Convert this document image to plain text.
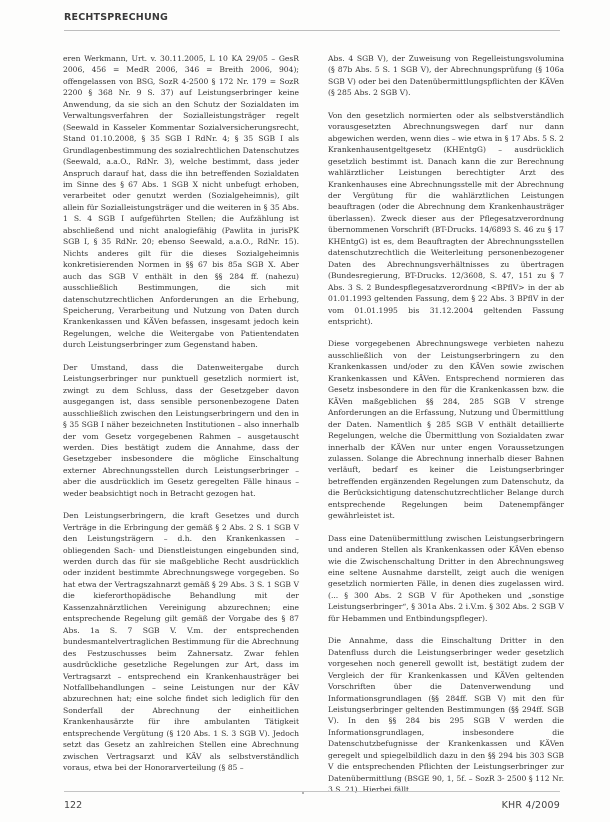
RECHTSPRECHUNG

eren Werkmann, Urt. v. 30.11.2005, L 10 KA 29/05 – GesR 2006, 456 = MedR 2006, 346 = Breith 2006, 904); offengelassen von BSG, SozR 4-2500 § 172 Nr. 179 = SozR 2200 § 368 Nr. 9 S. 37) auf Leistungserbringer keine Anwendung, da sie sich an den Schutz der Sozialdaten im Verwaltungsverfahren der Sozialleistungsträger regelt (Seewald in Kasseler Kommentar Sozialversicherungsrecht, Stand 01.10.2008, § 35 SGB I RdNr. 4; § 35 SGB I als Grundlagenbestimmung des sozialrechtlichen Datenschutzes (Seewald, a.a.O., RdNr. 3), welche bestimmt, dass jeder Anspruch darauf hat, dass die ihn betreffenden Sozialdaten im Sinne des § 67 Abs. 1 SGB X nicht unbefugt erhoben, verarbeitet oder genutzt werden (Sozialgeheimnis), gilt allein für Sozialleistungsträger und die weiteren in § 35 Abs. 1 S. 4 SGB I aufgeführten Stellen; die Aufzählung ist abschließend und nicht analogiefähig (Pawlita in jurisPK SGB I, § 35 RdNr. 20; ebenso Seewald, a.a.O., RdNr. 15). Nichts anderes gilt für die dieses Sozialgeheimnis konkretisierenden Normen in §§ 67 bis 85a SGB X. Aber auch das SGB V enthält in den §§ 284 ff. (nahezu) ausschließlich Bestimmungen, die sich mit datenschutzrechtlichen Anforderungen an die Erhebung, Speicherung, Verarbeitung und Nutzung von Daten durch Krankenkassen und KÄVen befassen, insgesamt jedoch kein Regelungen, welche die Weitergabe von Patientendaten durch Leistungserbringer zum Gegenstand haben.

Der Umstand, dass die Datenweitergabe durch Leistungserbringer nur punktuell gesetzlich normiert ist, zwingt zu dem Schluss, dass der Gesetzgeber davon ausgegangen ist, dass sensible personenbezogene Daten ausschließlich zwischen den Leistungserbringern und den in § 35 SGB I näher bezeichneten Institutionen – also innerhalb der vom Gesetz vorgegebenen Rahmen – ausgetauscht werden. Dies bestätigt zudem die Annahme, dass der Gesetzgeber insbesondere die mögliche Einschaltung externer Abrechnungsstellen durch Leistungserbringer – aber die ausdrücklich im Gesetz geregelten Fälle hinaus – weder beabsichtigt noch in Betracht gezogen hat.

Den Leistungserbringern, die kraft Gesetzes und durch Verträge in die Erbringung der gemäß § 2 Abs. 2 S. 1 SGB V den Leistungsträgern – d.h. den Krankenkassen – obliegenden Sach- und Dienstleistungen eingebunden sind, werden durch das für sie maßgebliche Recht ausdrücklich oder inzident bestimmte Abrechnungswege vorgegeben. So hat etwa der Vertragszahnarzt gemäß § 29 Abs. 3 S. 1 SGB V die kieferorthopädische Behandlung mit der Kassenzahnärztlichen Vereinigung abzurechnen; eine entsprechende Regelung gilt gemäß der Vorgabe des § 87 Abs. 1a S. 7 SGB V. V.m. der entsprechenden bundesmantelvertraglichen Bestimmung für die Abrechnung des Festzuschusses beim Zahnersatz. Zwar fehlen ausdrückliche gesetzliche Regelungen zur Art, dass im Vertragsarzt – entsprechend ein Krankenhausträger bei Notfallbehandlungen – seine Leistungen nur der KÄV abzurechnen hat; eine solche findet sich lediglich für den Sonderfall der Abrechnung der einheitlichen Krankenhausärzte für ihre ambulanten Tätigkeit entsprechende Vergütung (§ 120 Abs. 1 S. 3 SGB V). Jedoch setzt das Gesetz an zahlreichen Stellen eine Abrechnung zwischen Vertragsarzt und KÄV als selbstverständlich voraus, etwa bei der Honorarverteilung (§ 85 –

Abs. 4 SGB V), der Zuweisung von Regelleistungsvolumina (§ 87b Abs. 5 S. 1 SGB V), der Abrechnungsprüfung (§ 106a SGB V) oder bei den Datenübermittlungspflichten der KÄVen (§ 285 Abs. 2 SGB V).

Von den gesetzlich normierten oder als selbstverständlich vorausgesetzten Abrechnungswegen darf nur dann abgewichen werden, wenn dies – wie etwa in § 17 Abs. 5 S. 2 Krankenhausentgeltgesetz (KHEntgG) – ausdrücklich gesetzlich bestimmt ist. Danach kann die zur Berechnung wahlärztlicher Leistungen berechtigter Arzt des Krankenhauses eine Abrechnungsstelle mit der Abrechnung der Vergütung für die wahlärztlichen Leistungen beauftragen (oder die Abrechnung dem Krankenhausträger überlassen). Zweck dieser aus der Pflegesatzverordnung übernommenen Vorschrift (BT-Drucks. 14/6893 S. 46 zu § 17 KHEntgG) ist es, dem Beauftragten der Abrechnungsstellen datenschutzrechtlich die Weiterleitung personenbezogener Daten des Abrechnungsverhältnisses zu übertragen (Bundesregierung, BT-Drucks. 12/3608, S. 47, 151 zu § 7 Abs. 3 S. 2 Bundespflegesatzverordnung <BPflV> in der ab 01.01.1993 geltenden Fassung, dem § 22 Abs. 3 BPflV in der vom 01.01.1995 bis 31.12.2004 geltenden Fassung entspricht).

Diese vorgegebenen Abrechnungswege verbieten nahezu ausschließlich von der Leistungserbringern zu den Krankenkassen und/oder zu den KÄVen sowie zwischen Krankenkassen und KÄVen. Entsprechend normieren das Gesetz insbesondere in den für die Krankenkassen bzw. die KÄVen maßgeblichen §§ 284, 285 SGB V strenge Anforderungen an die Erfassung, Nutzung und Übermittlung der Daten. Namentlich § 285 SGB V enthält detaillierte Regelungen, welche die Übermittlung von Sozialdaten zwar innerhalb der KÄVen nur unter engen Voraussetzungen zulassen. Solange die Abrechnung innerhalb dieser Bahnen verläuft, bedarf es keiner die Leistungserbringer betreffenden ergänzenden Regelungen zum Datenschutz, da die Berücksichtigung datenschutzrechtlicher Belange durch entsprechende Regelungen beim Datenempfänger gewährleistet ist.

Dass eine Datenübermittlung zwischen Leistungserbringern und anderen Stellen als Krankenkassen oder KÄVen ebenso wie die Zwischenschaltung Dritter in den Abrechnungsweg eine seltene Ausnahme darstellt, zeigt auch die wenigen gesetzlich normierten Fälle, in denen dies zugelassen wird. (... § 300 Abs. 2 SGB V für Apotheken und „sonstige Leistungserbringer“, § 301a Abs. 2 i.V.m. § 302 Abs. 2 SGB V für Hebammen und Entbindungspfleger).

Die Annahme, dass die Einschaltung Dritter in den Datenfluss durch die Leistungserbringer weder gesetzlich vorgesehen noch generell gewollt ist, bestätigt zudem der Vergleich der für Krankenkassen und KÄVen geltenden Vorschriften über die Datenverwendung und Informationsgrundlagen (§§ 284ff. SGB V) mit den für Leistungserbringer geltenden Bestimmungen (§§ 294ff. SGB V). In den §§ 284 bis 295 SGB V werden die Informationsgrundlagen, insbesondere die Datenschutzbefugnisse der Krankenkassen und KÄVen geregelt und spiegelbildlich dazu in den §§ 294 bis 303 SGB V die entsprechenden Pflichten der Leistungserbringer zur Datenübermittlung (BSGE 90, 1, 5f. – SozR 3- 2500 § 112 Nr. 3 S. 21). Hierbei fällt

122	KHR 4/2009
